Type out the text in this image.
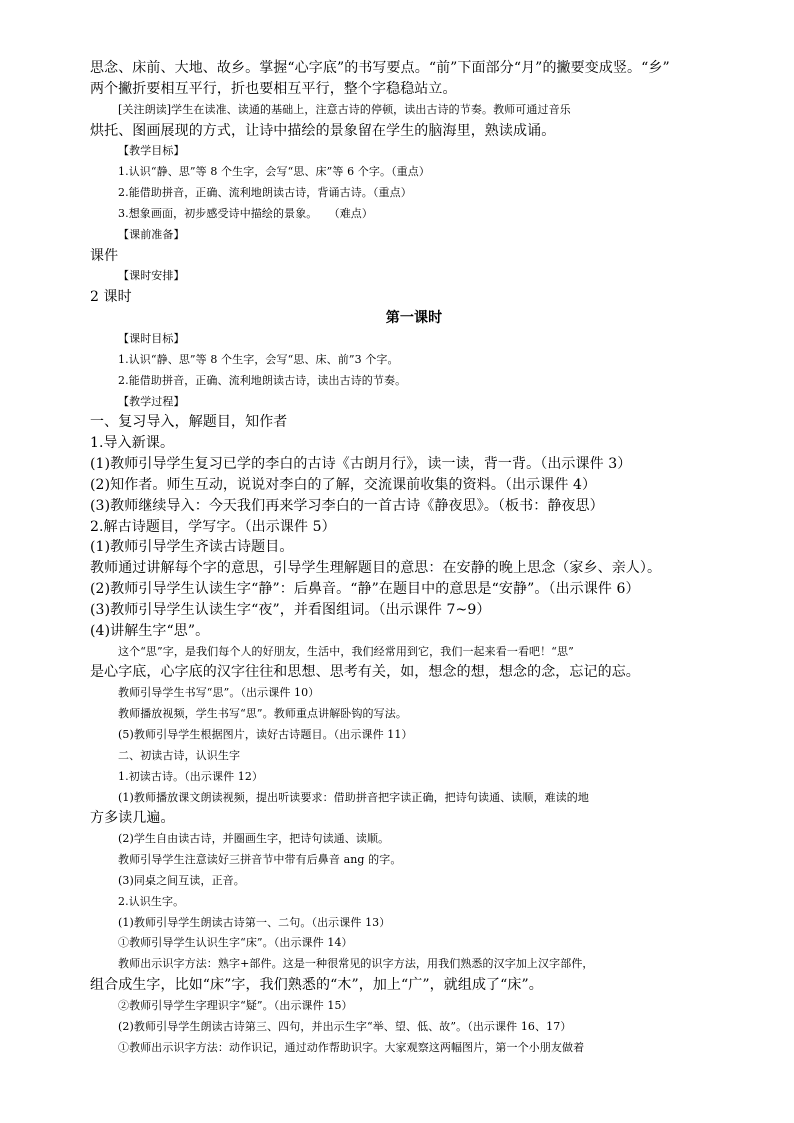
思念、床前、大地、故乡。掌握“心字底”的书写要点。“前”下面部分“月”的撇要变成竖。“乡”
两个撇折要相互平行，折也要相互平行，整个字稳稳站立。
[关注朗读]学生在读准、读通的基础上，注意古诗的停顿，读出古诗的节奏。教师可通过音乐
烘托、图画展现的方式，让诗中描绘的景象留在学生的脑海里，熟读成诵。
【教学目标】
1.认识“静、思”等 8 个生字，会写“思、床”等 6 个字。（重点）
2.能借助拼音，正确、流利地朗读古诗，背诵古诗。（重点）
3.想象画面，初步感受诗中描绘的景象。　　（难点）
【课前准备】
课件
【课时安排】
2 课时
第一课时
【课时目标】
1.认识“静、思”等 8 个生字，会写“思、床、前”3 个字。
2.能借助拼音，正确、流利地朗读古诗，读出古诗的节奏。
【教学过程】
一、复习导入，解题目，知作者
1.导入新课。
(1)教师引导学生复习已学的李白的古诗《古朗月行》，读一读，背一背。（出示课件 3）
(2)知作者。师生互动，说说对李白的了解，交流课前收集的资料。（出示课件 4）
(3)教师继续导入：今天我们再来学习李白的一首古诗《静夜思》。（板书：静夜思）
2.解古诗题目，学写字。（出示课件 5）
(1)教师引导学生齐读古诗题目。
教师通过讲解每个字的意思，引导学生理解题目的意思：在安静的晚上思念（家乡、亲人）。
(2)教师引导学生认读生字“静”：后鼻音。“静”在题目中的意思是“安静”。（出示课件 6）
(3)教师引导学生认读生字“夜”，并看图组词。（出示课件 7~9）
(4)讲解生字“思”。
这个“思”字，是我们每个人的好朋友，生活中，我们经常用到它，我们一起来看一看吧！“思”
是心字底，心字底的汉字往往和思想、思考有关，如，想念的想，想念的念，忘记的忘。
教师引导学生书写“思”。（出示课件 10）
教师播放视频，学生书写“思”。教师重点讲解卧钩的写法。
(5)教师引导学生根据图片，读好古诗题目。（出示课件 11）
二、初读古诗，认识生字
1.初读古诗。（出示课件 12）
(1)教师播放课文朗读视频，提出听读要求：借助拼音把字读正确，把诗句读通、读顺，难读的地
方多读几遍。
(2)学生自由读古诗，并圈画生字，把诗句读通、读顺。
教师引导学生注意读好三拼音节中带有后鼻音 ang 的字。
(3)同桌之间互读，正音。
2.认识生字。
(1)教师引导学生朗读古诗第一、二句。（出示课件 13）
①教师引导学生认识生字“床”。（出示课件 14）
教师出示识字方法：熟字+部件。这是一种很常见的识字方法，用我们熟悉的汉字加上汉字部件，
组合成生字，比如“床”字，我们熟悉的“木”，加上“广”，就组成了“床”。
②教师引导学生字理识字“疑”。（出示课件 15）
(2)教师引导学生朗读古诗第三、四句，并出示生字“举、望、低、故”。（出示课件 16、17）
①教师出示识字方法：动作识记，通过动作帮助识字。大家观察这两幅图片，第一个小朋友做着
